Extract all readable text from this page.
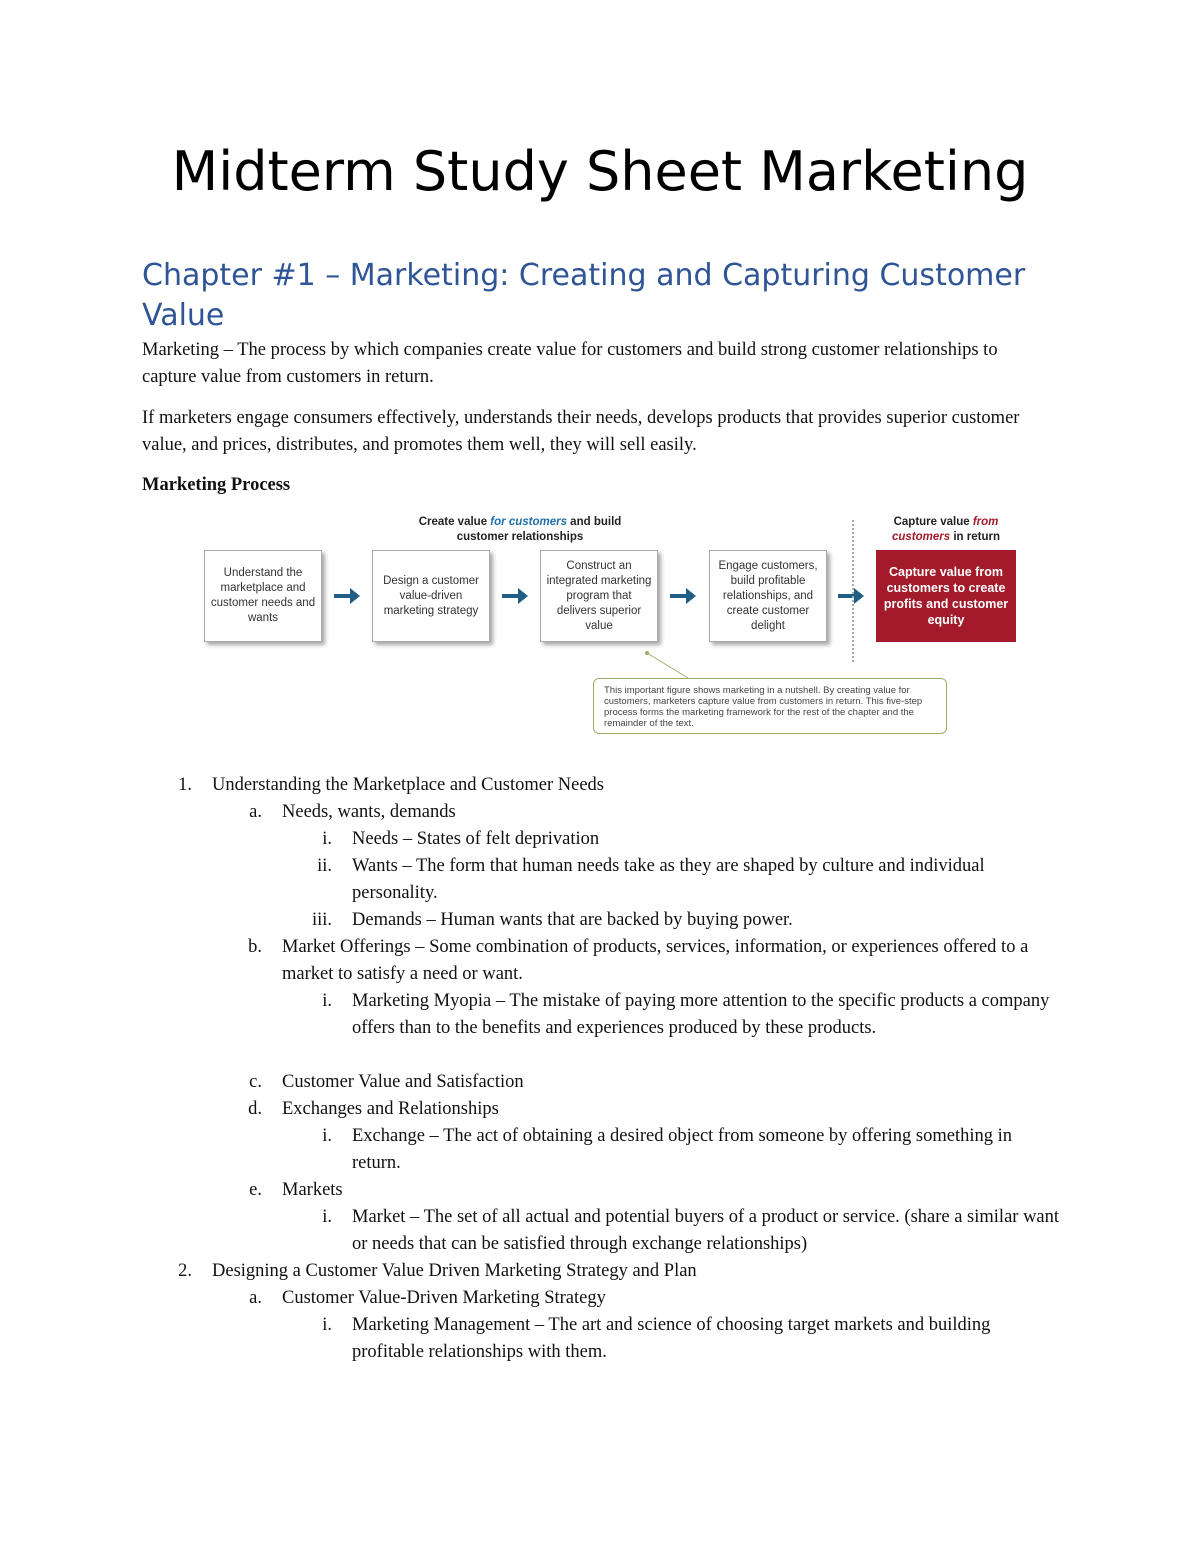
Midterm Study Sheet Marketing
Chapter #1 – Marketing: Creating and Capturing Customer Value

Marketing – The process by which companies create value for customers and build strong customer relationships to capture value from customers in return.

If marketers engage consumers effectively, understands their needs, develops products that provides superior customer value, and prices, distributes, and promotes them well, they will sell easily.

Marketing Process

Create value for customers and build customer relationships
Capture value from customers in return
Understand the marketplace and customer needs and wants
Design a customer value-driven marketing strategy
Construct an integrated marketing program that delivers superior value
Engage customers, build profitable relationships, and create customer delight
Capture value from customers to create profits and customer equity
This important figure shows marketing in a nutshell. By creating value for customers, marketers capture value from customers in return. This five-step process forms the marketing framework for the rest of the chapter and the remainder of the text.
1. Understanding the Marketplace and Customer Needs
a. Needs, wants, demands
i. Needs – States of felt deprivation
ii. Wants – The form that human needs take as they are shaped by culture and individual personality.
iii. Demands – Human wants that are backed by buying power.
b. Market Offerings – Some combination of products, services, information, or experiences offered to a market to satisfy a need or want.
i. Marketing Myopia – The mistake of paying more attention to the specific products a company offers than to the benefits and experiences produced by these products.
c. Customer Value and Satisfaction
d. Exchanges and Relationships
i. Exchange – The act of obtaining a desired object from someone by offering something in return.
e. Markets
i. Market – The set of all actual and potential buyers of a product or service. (share a similar want or needs that can be satisfied through exchange relationships)
2. Designing a Customer Value Driven Marketing Strategy and Plan
a. Customer Value-Driven Marketing Strategy
i. Marketing Management – The art and science of choosing target markets and building profitable relationships with them.
